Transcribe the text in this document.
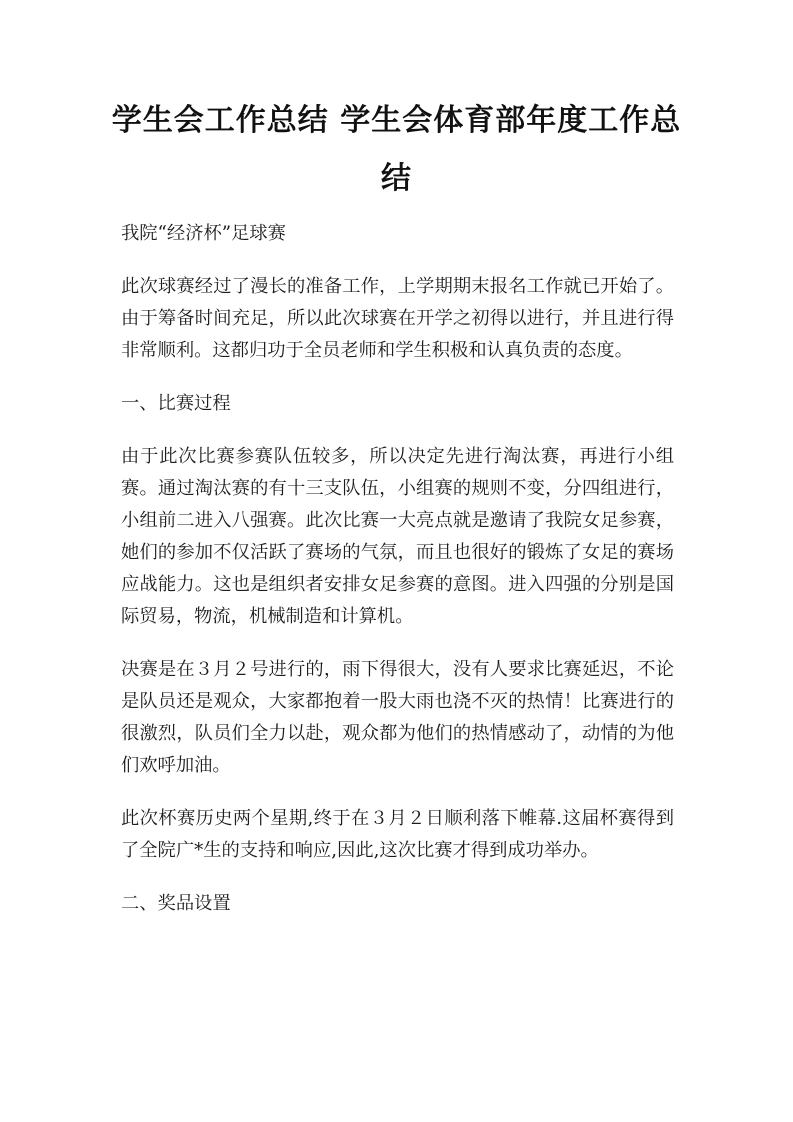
学生会工作总结 学生会体育部年度工作总结

我院“经济杯”足球赛

此次球赛经过了漫长的准备工作，上学期期末报名工作就已开始了。由于筹备时间充足，所以此次球赛在开学之初得以进行，并且进行得非常顺利。这都归功于全员老师和学生积极和认真负责的态度。

一、比赛过程

由于此次比赛参赛队伍较多，所以决定先进行淘汰赛，再进行小组赛。通过淘汰赛的有十三支队伍，小组赛的规则不变，分四组进行，小组前二进入八强赛。此次比赛一大亮点就是邀请了我院女足参赛，她们的参加不仅活跃了赛场的气氛，而且也很好的锻炼了女足的赛场应战能力。这也是组织者安排女足参赛的意图。进入四强的分别是国际贸易，物流，机械制造和计算机。

决赛是在３月２号进行的，雨下得很大，没有人要求比赛延迟，不论是队员还是观众，大家都抱着一股大雨也浇不灭的热情！比赛进行的很激烈，队员们全力以赴，观众都为他们的热情感动了，动情的为他们欢呼加油。

此次杯赛历史两个星期,终于在３月２日顺利落下帷幕.这届杯赛得到了全院广*生的支持和响应,因此,这次比赛才得到成功举办。

二、奖品设置
